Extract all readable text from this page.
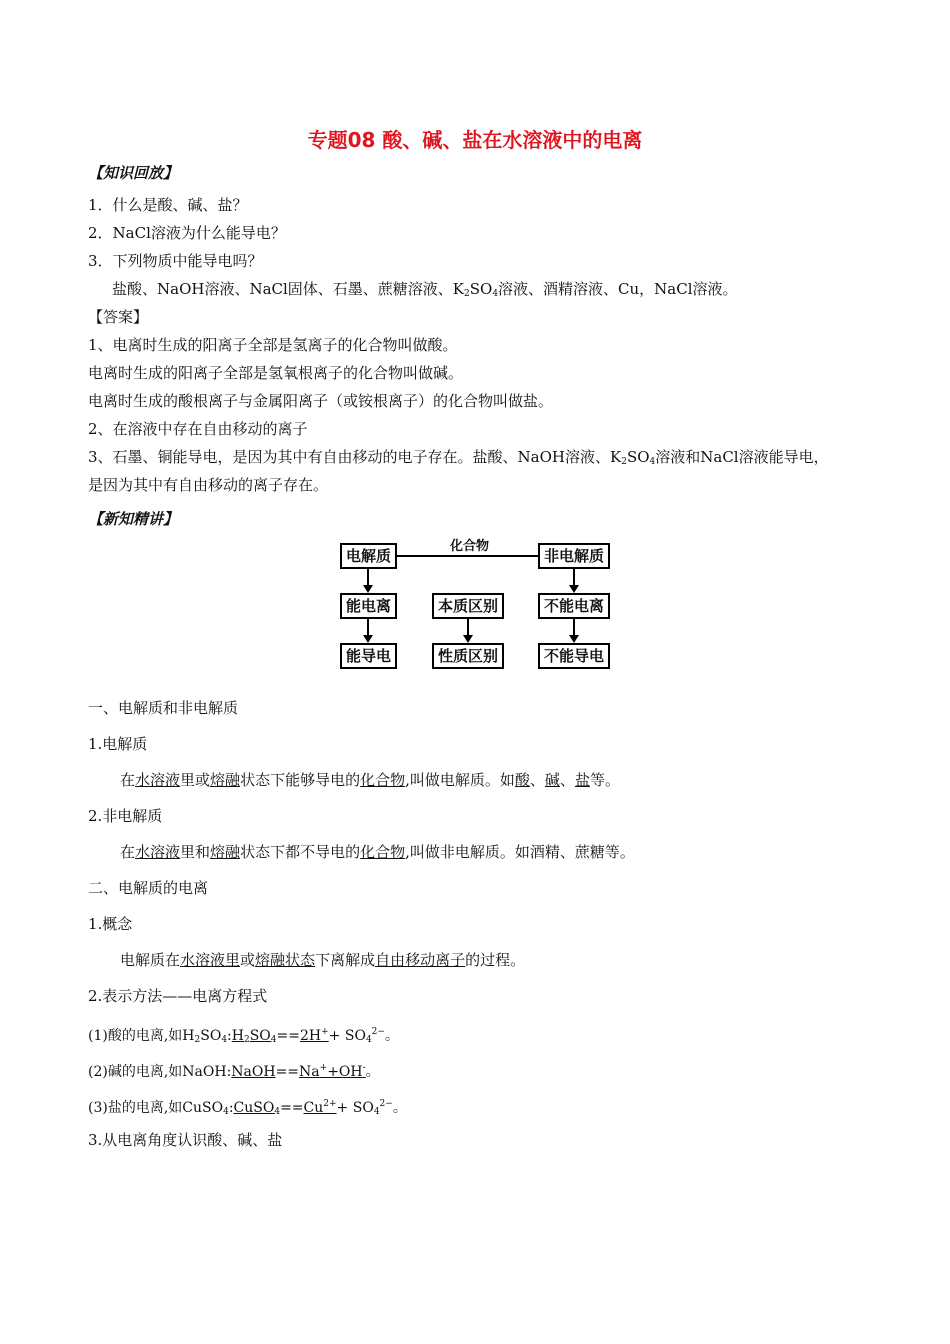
专题08 酸、碱、盐在水溶液中的电离
【知识回放】
1．什么是酸、碱、盐？
2．NaCl溶液为什么能导电？
3．下列物质中能导电吗？
盐酸、NaOH溶液、NaCl固体、石墨、蔗糖溶液、$K_2SO_4$溶液、酒精溶液、Cu，NaCl溶液。
【答案】
1、电离时生成的阳离子全部是氢离子的化合物叫做酸。
电离时生成的阳离子全部是氢氧根离子的化合物叫做碱。
电离时生成的酸根离子与金属阳离子（或铵根离子）的化合物叫做盐。
2、在溶液中存在自由移动的离子
3、石墨、铜能导电，是因为其中有自由移动的电子存在。盐酸、NaOH溶液、$K_2SO_4$溶液和NaCl溶液能导电，
是因为其中有自由移动的离子存在。
【新知精讲】
化合物
电解质	非电解质
能电离	本质区别	不能电离
能导电	性质区别	不能导电
一、电解质和非电解质
1.电解质
在水溶液里或熔融状态下能够导电的化合物,叫做电解质。如酸、碱、盐等。
2.非电解质
在水溶液里和熔融状态下都不导电的化合物,叫做非电解质。如酒精、蔗糖等。
二、电解质的电离
1.概念
电解质在水溶液里或熔融状态下离解成自由移动离子的过程。
2.表示方法——电离方程式
(1)酸的电离,如$H_2SO_4:H_2SO_4==2H^++ SO_4^{2-}$。
(2)碱的电离,如NaOH:NaOH==Na++OH-。
(3)盐的电离,如$CuSO_4:CuSO_4==Cu^{2+}+ SO_4^{2-}$。
3.从电离角度认识酸、碱、盐
